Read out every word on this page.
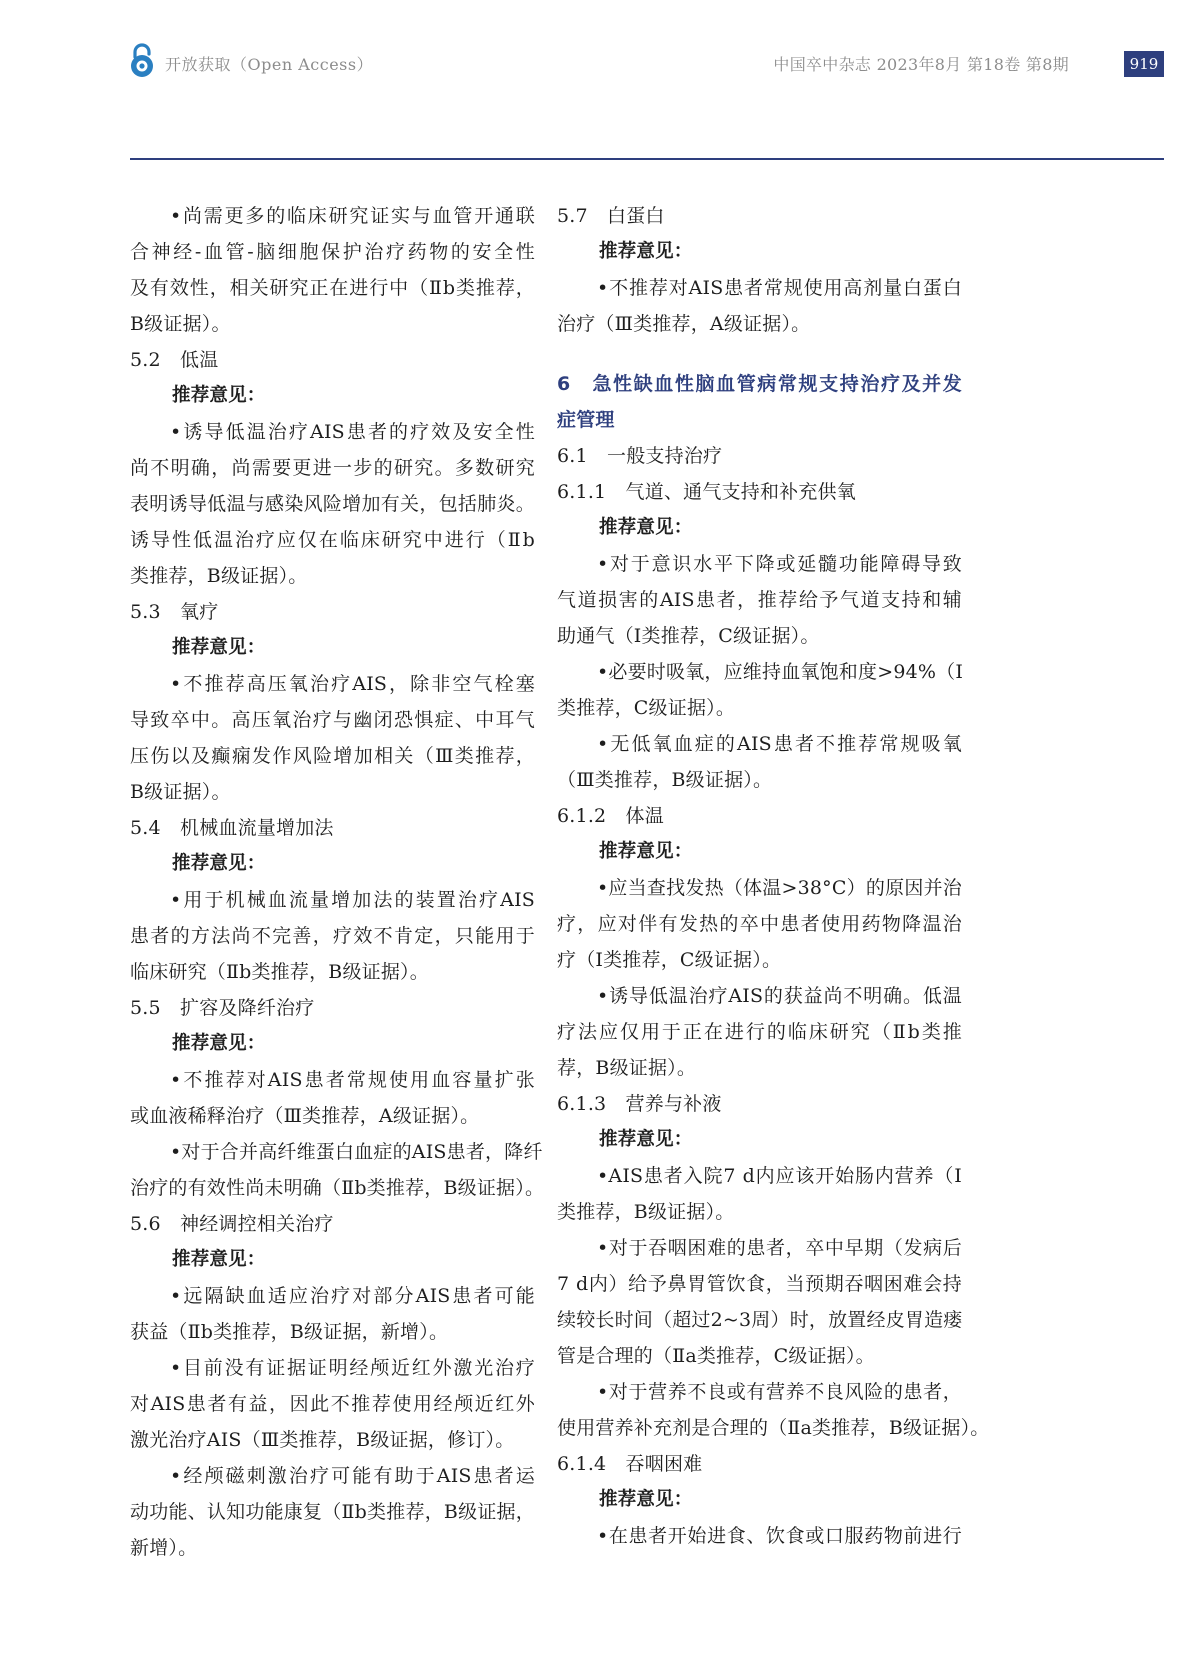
开放获取（Open Access）	中国卒中杂志 2023年8月 第18卷 第8期	919
•尚需更多的临床研究证实与血管开通联
合神经-血管-脑细胞保护治疗药物的安全性
及有效性，相关研究正在进行中（Ⅱb类推荐，
B级证据）。
5.2　低温
推荐意见：
•诱导低温治疗AIS患者的疗效及安全性
尚不明确，尚需要更进一步的研究。多数研究
表明诱导低温与感染风险增加有关，包括肺炎。
诱导性低温治疗应仅在临床研究中进行（Ⅱb
类推荐，B级证据）。
5.3　氧疗
推荐意见：
•不推荐高压氧治疗AIS，除非空气栓塞
导致卒中。高压氧治疗与幽闭恐惧症、中耳气
压伤以及癫痫发作风险增加相关（Ⅲ类推荐，
B级证据）。
5.4　机械血流量增加法
推荐意见：
•用于机械血流量增加法的装置治疗AIS
患者的方法尚不完善，疗效不肯定，只能用于
临床研究（Ⅱb类推荐，B级证据）。
5.5　扩容及降纤治疗
推荐意见：
•不推荐对AIS患者常规使用血容量扩张
或血液稀释治疗（Ⅲ类推荐，A级证据）。
•对于合并高纤维蛋白血症的AIS患者，降纤
治疗的有效性尚未明确（Ⅱb类推荐，B级证据）。
5.6　神经调控相关治疗
推荐意见：
•远隔缺血适应治疗对部分AIS患者可能
获益（Ⅱb类推荐，B级证据，新增）。
•目前没有证据证明经颅近红外激光治疗
对AIS患者有益，因此不推荐使用经颅近红外
激光治疗AIS（Ⅲ类推荐，B级证据，修订）。
•经颅磁刺激治疗可能有助于AIS患者运
动功能、认知功能康复（Ⅱb类推荐，B级证据，
新增）。
5.7　白蛋白
推荐意见：
•不推荐对AIS患者常规使用高剂量白蛋白
治疗（Ⅲ类推荐，A级证据）。
6　急性缺血性脑血管病常规支持治疗及并发
症管理
6.1　一般支持治疗
6.1.1　气道、通气支持和补充供氧
推荐意见：
•对于意识水平下降或延髓功能障碍导致
气道损害的AIS患者，推荐给予气道支持和辅
助通气（Ⅰ类推荐，C级证据）。
•必要时吸氧，应维持血氧饱和度>94%（Ⅰ
类推荐，C级证据）。
•无低氧血症的AIS患者不推荐常规吸氧
（Ⅲ类推荐，B级证据）。
6.1.2　体温
推荐意见：
•应当查找发热（体温>38°C）的原因并治
疗，应对伴有发热的卒中患者使用药物降温治
疗（Ⅰ类推荐，C级证据）。
•诱导低温治疗AIS的获益尚不明确。低温
疗法应仅用于正在进行的临床研究（Ⅱb类推
荐，B级证据）。
6.1.3　营养与补液
推荐意见：
•AIS患者入院7 d内应该开始肠内营养（Ⅰ
类推荐，B级证据）。
•对于吞咽困难的患者，卒中早期（发病后
7 d内）给予鼻胃管饮食，当预期吞咽困难会持
续较长时间（超过2~3周）时，放置经皮胃造瘘
管是合理的（Ⅱa类推荐，C级证据）。
•对于营养不良或有营养不良风险的患者，
使用营养补充剂是合理的（Ⅱa类推荐，B级证据）。
6.1.4　吞咽困难
推荐意见：
•在患者开始进食、饮食或口服药物前进行
